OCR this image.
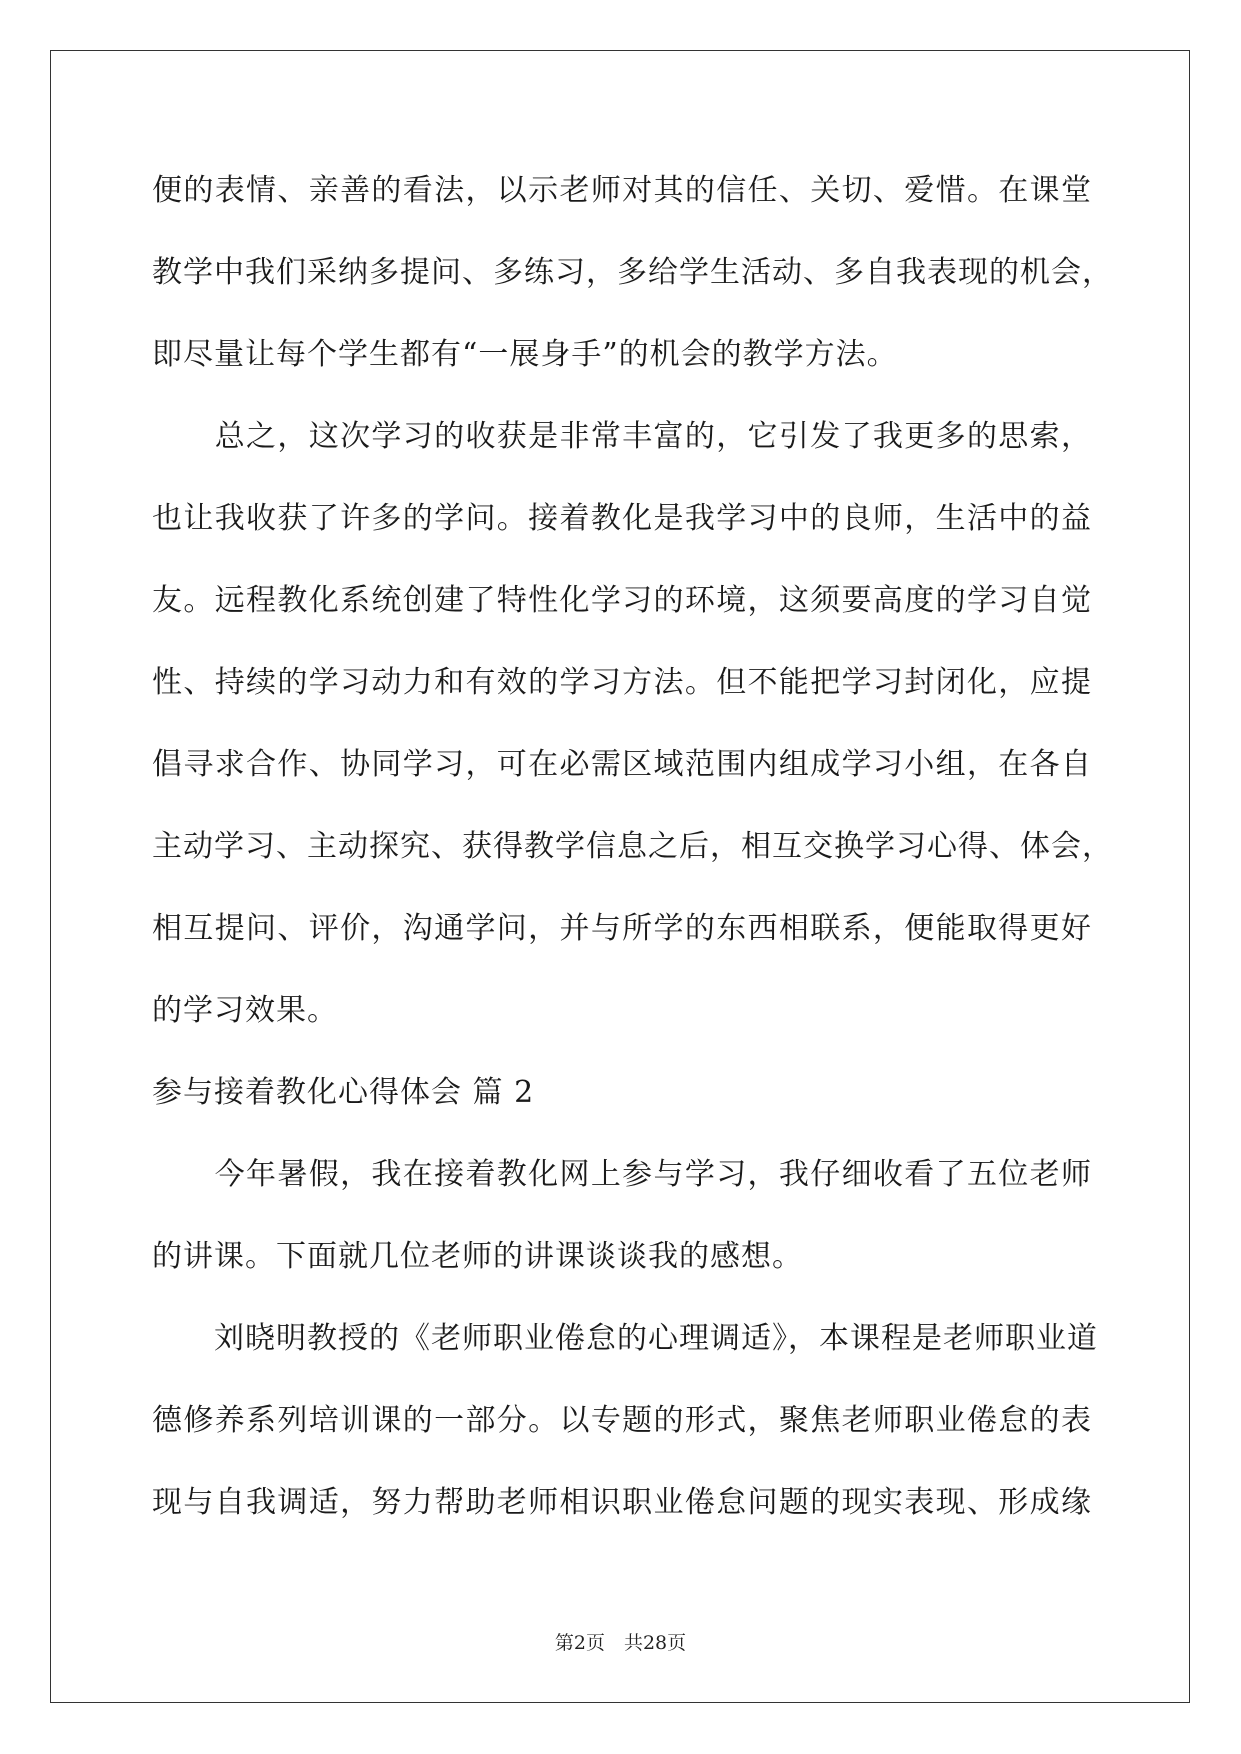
便的表情、亲善的看法，以示老师对其的信任、关切、爱惜。在课堂
教学中我们采纳多提问、多练习，多给学生活动、多自我表现的机会，
即尽量让每个学生都有“一展身手”的机会的教学方法。
　　总之，这次学习的收获是非常丰富的，它引发了我更多的思索，
也让我收获了许多的学问。接着教化是我学习中的良师，生活中的益
友。远程教化系统创建了特性化学习的环境，这须要高度的学习自觉
性、持续的学习动力和有效的学习方法。但不能把学习封闭化，应提
倡寻求合作、协同学习，可在必需区域范围内组成学习小组，在各自
主动学习、主动探究、获得教学信息之后，相互交换学习心得、体会，
相互提问、评价，沟通学问，并与所学的东西相联系，便能取得更好
的学习效果。
参与接着教化心得体会 篇 2
　　今年暑假，我在接着教化网上参与学习，我仔细收看了五位老师
的讲课。下面就几位老师的讲课谈谈我的感想。
　　刘晓明教授的《老师职业倦怠的心理调适》，本课程是老师职业道
德修养系列培训课的一部分。以专题的形式，聚焦老师职业倦怠的表
现与自我调适，努力帮助老师相识职业倦怠问题的现实表现、形成缘
第2页　共28页
